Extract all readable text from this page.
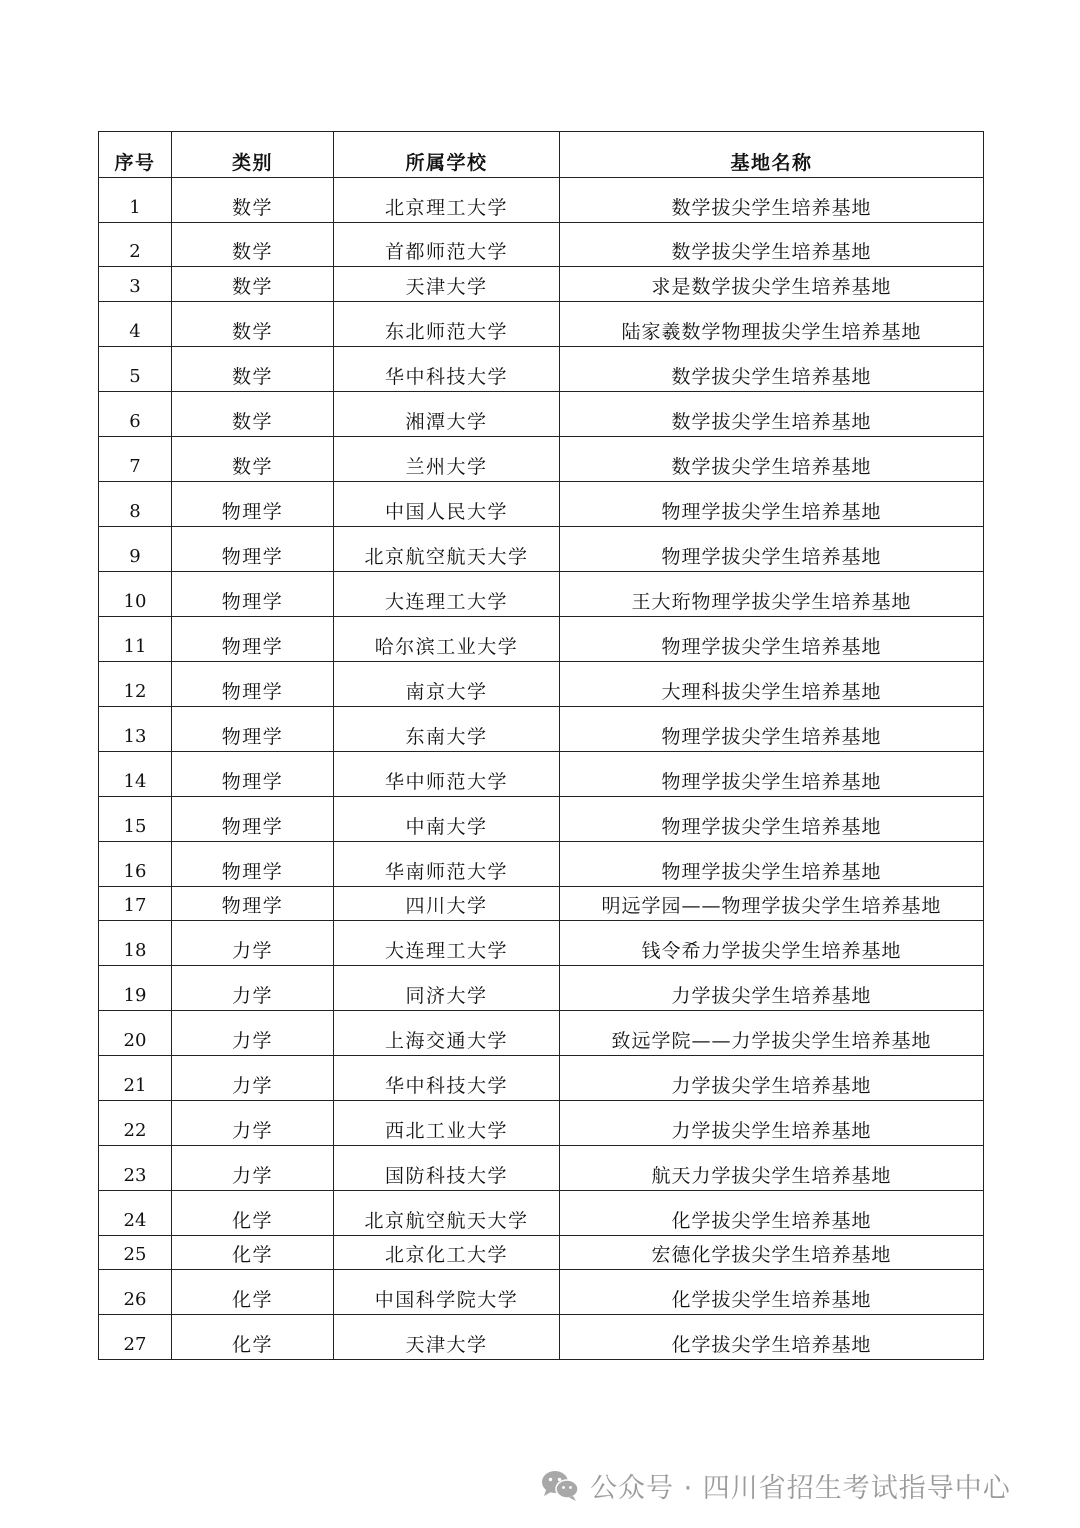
序号	类别	所属学校	基地名称
1	数学	北京理工大学	数学拔尖学生培养基地
2	数学	首都师范大学	数学拔尖学生培养基地
3	数学	天津大学	求是数学拔尖学生培养基地
4	数学	东北师范大学	陆家羲数学物理拔尖学生培养基地
5	数学	华中科技大学	数学拔尖学生培养基地
6	数学	湘潭大学	数学拔尖学生培养基地
7	数学	兰州大学	数学拔尖学生培养基地
8	物理学	中国人民大学	物理学拔尖学生培养基地
9	物理学	北京航空航天大学	物理学拔尖学生培养基地
10	物理学	大连理工大学	王大珩物理学拔尖学生培养基地
11	物理学	哈尔滨工业大学	物理学拔尖学生培养基地
12	物理学	南京大学	大理科拔尖学生培养基地
13	物理学	东南大学	物理学拔尖学生培养基地
14	物理学	华中师范大学	物理学拔尖学生培养基地
15	物理学	中南大学	物理学拔尖学生培养基地
16	物理学	华南师范大学	物理学拔尖学生培养基地
17	物理学	四川大学	明远学园——物理学拔尖学生培养基地
18	力学	大连理工大学	钱令希力学拔尖学生培养基地
19	力学	同济大学	力学拔尖学生培养基地
20	力学	上海交通大学	致远学院——力学拔尖学生培养基地
21	力学	华中科技大学	力学拔尖学生培养基地
22	力学	西北工业大学	力学拔尖学生培养基地
23	力学	国防科技大学	航天力学拔尖学生培养基地
24	化学	北京航空航天大学	化学拔尖学生培养基地
25	化学	北京化工大学	宏德化学拔尖学生培养基地
26	化学	中国科学院大学	化学拔尖学生培养基地
27	化学	天津大学	化学拔尖学生培养基地
公众号 · 四川省招生考试指导中心
